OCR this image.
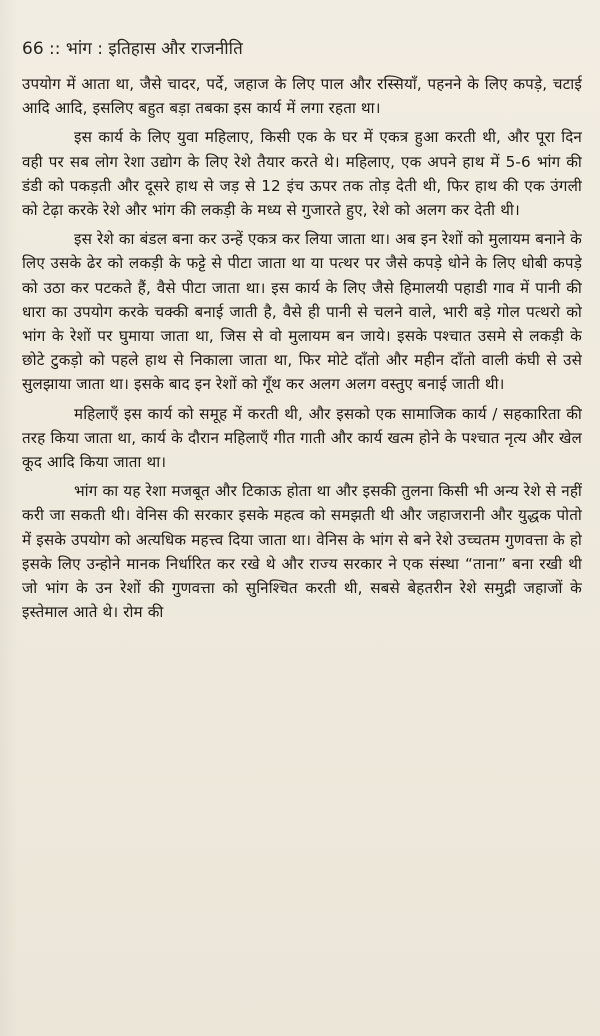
66 :: भांग : इतिहास और राजनीति

उपयोग में आता था, जैसे चादर, पर्दे, जहाज के लिए पाल और रस्सियाँ, पहनने के लिए कपड़े, चटाई आदि आदि, इसलिए बहुत बड़ा तबका इस कार्य में लगा रहता था।

इस कार्य के लिए युवा महिलाए, किसी एक के घर में एकत्र हुआ करती थी, और पूरा दिन वही पर सब लोग रेशा उद्योग के लिए रेशे तैयार करते थे। महिलाए, एक अपने हाथ में 5-6 भांग की डंडी को पकड़ती और दूसरे हाथ से जड़ से 12 इंच ऊपर तक तोड़ देती थी, फिर हाथ की एक उंगली को टेढ़ा करके रेशे और भांग की लकड़ी के मध्य से गुजारते हुए, रेशे को अलग कर देती थी।

इस रेशे का बंडल बना कर उन्हें एकत्र कर लिया जाता था। अब इन रेशों को मुलायम बनाने के लिए उसके ढेर को लकड़ी के फट्टे से पीटा जाता था या पत्थर पर जैसे कपड़े धोने के लिए धोबी कपड़े को उठा कर पटकते हैं, वैसे पीटा जाता था। इस कार्य के लिए जैसे हिमालयी पहाडी गाव में पानी की धारा का उपयोग करके चक्की बनाई जाती है, वैसे ही पानी से चलने वाले, भारी बड़े गोल पत्थरो को भांग के रेशों पर घुमाया जाता था, जिस से वो मुलायम बन जाये। इसके पश्चात उसमे से लकड़ी के छोटे टुकड़ो को पहले हाथ से निकाला जाता था, फिर मोटे दाँतो और महीन दाँतो वाली कंघी से उसे सुलझाया जाता था। इसके बाद इन रेशों को गूँथ कर अलग अलग वस्तुए बनाई जाती थी।

महिलाएँ इस कार्य को समूह में करती थी, और इसको एक सामाजिक कार्य / सहकारिता की तरह किया जाता था, कार्य के दौरान महिलाएँ गीत गाती और कार्य खत्म होने के पश्चात नृत्य और खेल कूद आदि किया जाता था।

भांग का यह रेशा मजबूत और टिकाऊ होता था और इसकी तुलना किसी भी अन्य रेशे से नहीं करी जा सकती थी। वेनिस की सरकार इसके महत्व को समझती थी और जहाजरानी और युद्धक पोतो में इसके उपयोग को अत्यधिक महत्त्व दिया जाता था। वेनिस के भांग से बने रेशे उच्चतम गुणवत्ता के हो इसके लिए उन्होने मानक निर्धारित कर रखे थे और राज्य सरकार ने एक संस्था “ताना” बना रखी थी जो भांग के उन रेशों की गुणवत्ता को सुनिश्चित करती थी, सबसे बेहतरीन रेशे समुद्री जहाजों के इस्तेमाल आते थे। रोम की
